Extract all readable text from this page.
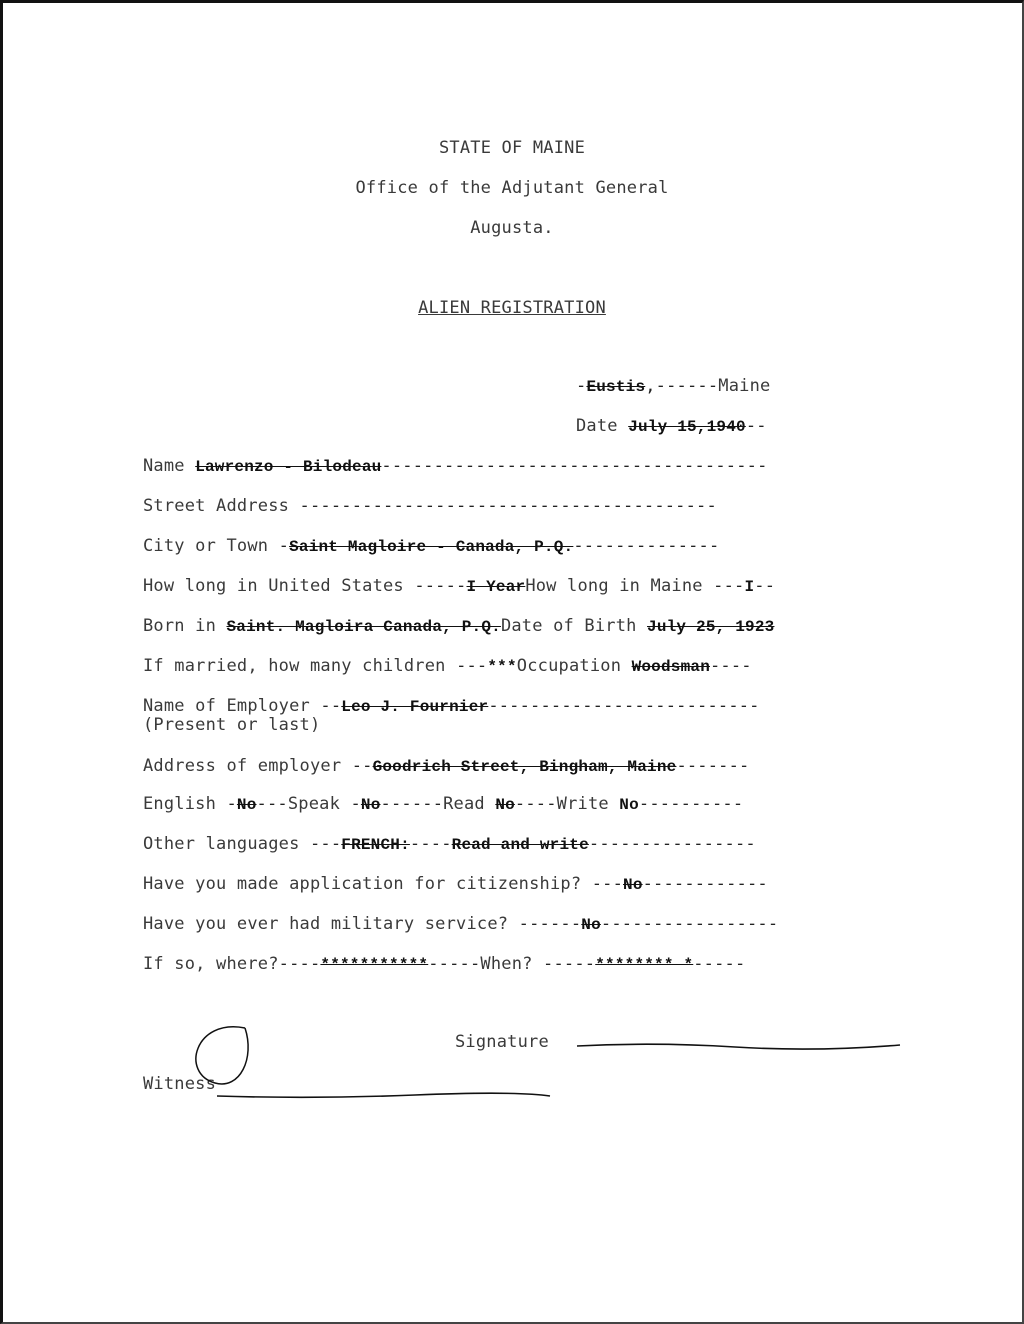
STATE OF MAINE
Office of the Adjutant General
Augusta.
ALIEN REGISTRATION
-Eustis,------Maine
Date July 15,1940--
Name Lawrenzo - Bilodeau-------------------------------------
Street Address ----------------------------------------
City or Town -Saint Magloire - Canada, P.Q.--------------
How long in United States -----I YearHow long in Maine ---I--
Born in Saint. Magloira Canada, P.Q.Date of Birth July 25, 1923
If married, how many children ---***Occupation Woodsman----
Name of Employer --Leo J. Fournier--------------------------
(Present or last)
Address of employer --Goodrich Street, Bingham, Maine-------
English -No---Speak -No------Read No----Write No----------
Other languages ---FRENCH:----Read and write----------------
Have you made application for citizenship? ---No------------
Have you ever had military service? ------No-----------------
If so, where?----***********-----When? -----******** *-----
Signature
Witness
